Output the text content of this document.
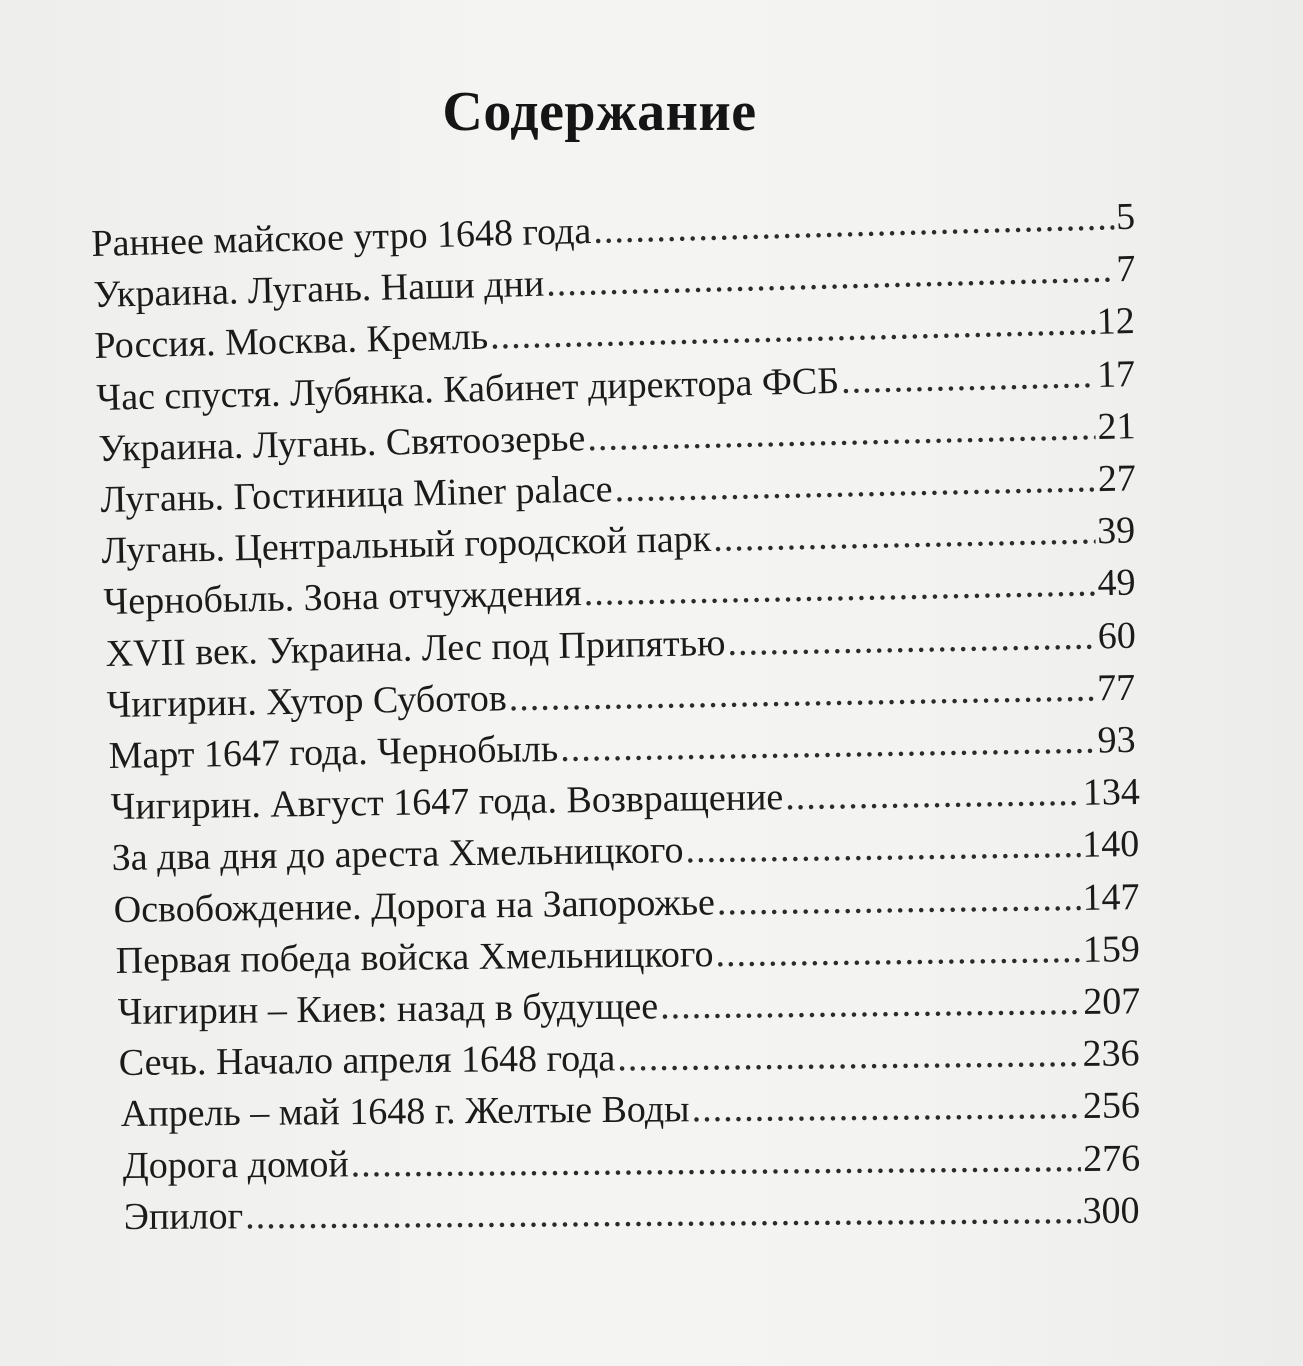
Содержание
Раннее майское утро 1648 года .....	5
Украина. Лугань. Наши дни .....	7
Россия. Москва. Кремль .....	12
Час спустя. Лубянка. Кабинет директора ФСБ .....	17
Украина. Лугань. Святоозерье .....	21
Лугань. Гостиница Miner palace .....	27
Лугань. Центральный городской парк .....	39
Чернобыль. Зона отчуждения .....	49
XVII век. Украина. Лес под Припятью .....	60
Чигирин. Хутор Суботов .....	77
Март 1647 года. Чернобыль .....	93
Чигирин. Август 1647 года. Возвращение .....	134
За два дня до ареста Хмельницкого .....	140
Освобождение. Дорога на Запорожье .....	147
Первая победа войска Хмельницкого .....	159
Чигирин – Киев: назад в будущее .....	207
Сечь. Начало апреля 1648 года .....	236
Апрель – май 1648 г. Желтые Воды .....	256
Дорога домой .....	276
Эпилог .....	300
